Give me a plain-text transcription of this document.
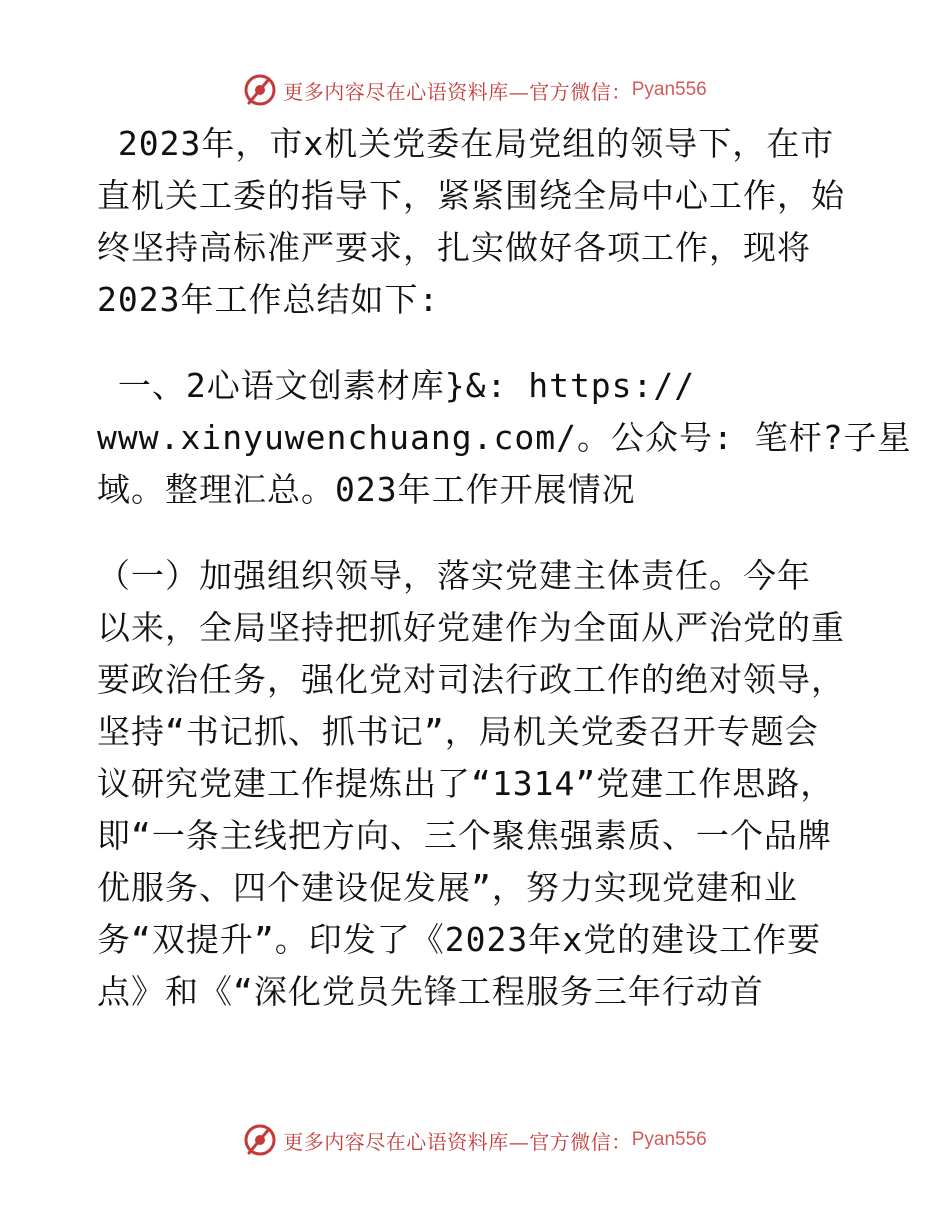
更多内容尽在心语资料库—官方微信： Pyan556
2023年，市x机关党委在局党组的领导下，在市
直机关工委的指导下，紧紧围绕全局中心工作，始
终坚持高标准严要求，扎实做好各项工作，现将
2023年工作总结如下:
一、2心语文创素材库}&: https://
www.xinyuwenchuang.com/。公众号: 笔杆?子星
域。整理汇总。023年工作开展情况
（一）加强组织领导，落实党建主体责任。今年
以来，全局坚持把抓好党建作为全面从严治党的重
要政治任务，强化党对司法行政工作的绝对领导，
坚持“书记抓、抓书记”，局机关党委召开专题会
议研究党建工作提炼出了“1314”党建工作思路，
即“一条主线把方向、三个聚焦强素质、一个品牌
优服务、四个建设促发展”，努力实现党建和业
务“双提升”。印发了《2023年x党的建设工作要
点》和《“深化党员先锋工程服务三年行动首
更多内容尽在心语资料库—官方微信： Pyan556
